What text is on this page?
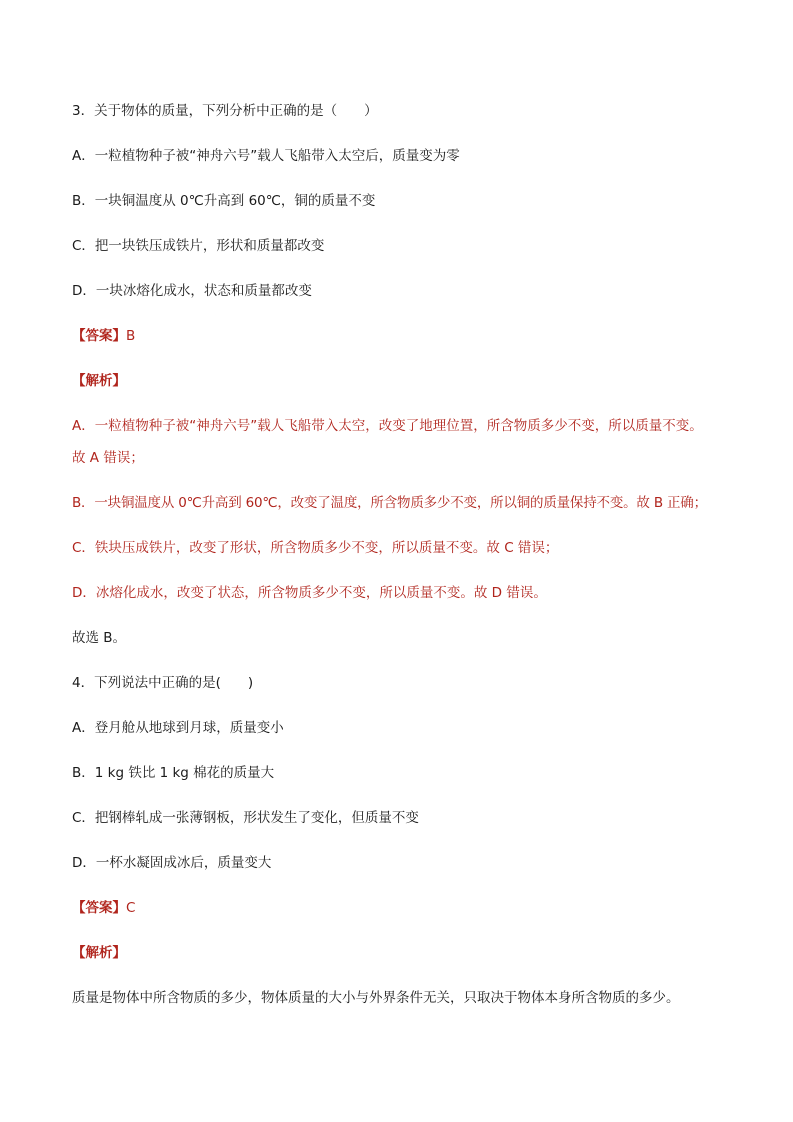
3．关于物体的质量，下列分析中正确的是（　　）
A．一粒植物种子被“神舟六号”载人飞船带入太空后，质量变为零
B．一块铜温度从 0℃升高到 60℃，铜的质量不变
C．把一块铁压成铁片，形状和质量都改变
D．一块冰熔化成水，状态和质量都改变
【答案】B
【解析】
A．一粒植物种子被“神舟六号”载人飞船带入太空，改变了地理位置，所含物质多少不变，所以质量不变。
故 A 错误；
B．一块铜温度从 0℃升高到 60℃，改变了温度，所含物质多少不变，所以铜的质量保持不变。故 B 正确；
C．铁块压成铁片，改变了形状，所含物质多少不变，所以质量不变。故 C 错误；
D．冰熔化成水，改变了状态，所含物质多少不变，所以质量不变。故 D 错误。
故选 B。
4．下列说法中正确的是(　　)
A．登月舱从地球到月球，质量变小
B．1 kg 铁比 1 kg 棉花的质量大
C．把钢棒轧成一张薄钢板，形状发生了变化，但质量不变
D．一杯水凝固成冰后，质量变大
【答案】C
【解析】
质量是物体中所含物质的多少，物体质量的大小与外界条件无关，只取决于物体本身所含物质的多少。
